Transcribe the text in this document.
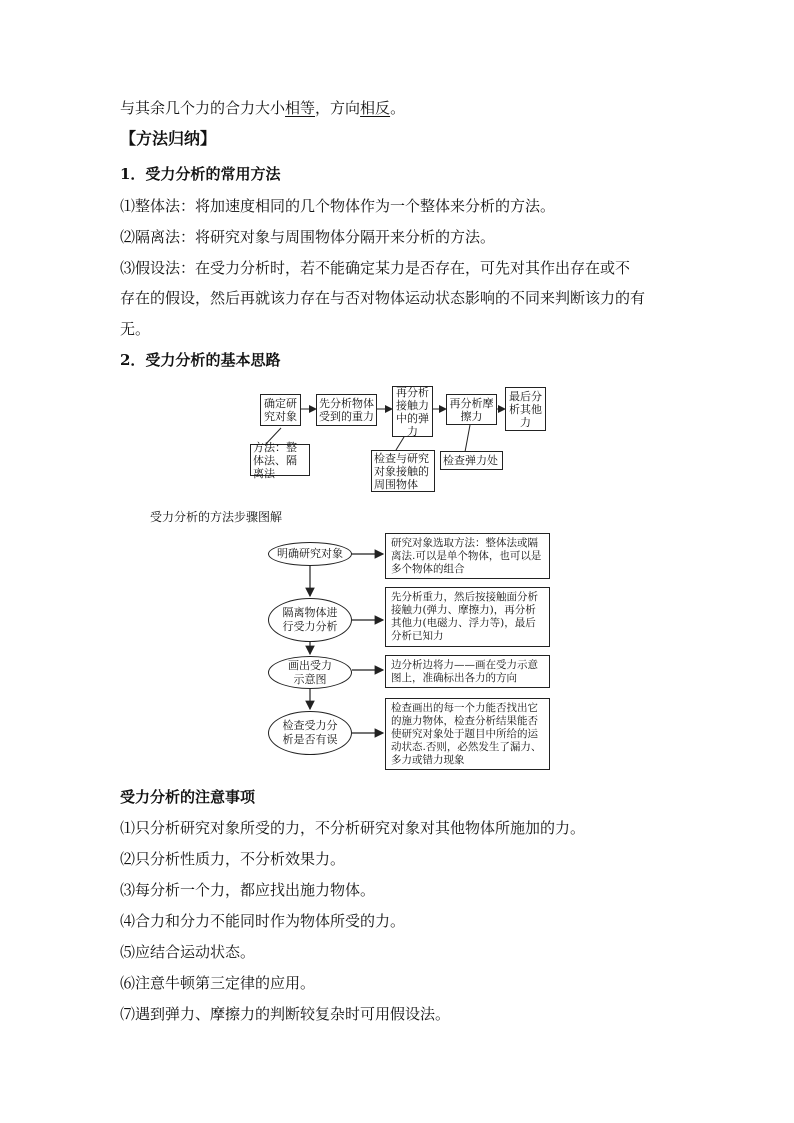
与其余几个力的合力大小相等，方向相反。
【方法归纳】
1．受力分析的常用方法
⑴整体法：将加速度相同的几个物体作为一个整体来分析的方法。
⑵隔离法：将研究对象与周围物体分隔开来分析的方法。
⑶假设法：在受力分析时，若不能确定某力是否存在，可先对其作出存在或不
存在的假设，然后再就该力存在与否对物体运动状态影响的不同来判断该力的有
无。
2．受力分析的基本思路
确定研究对象
先分析物体受到的重力
再分析接触力中的弹力
再分析摩擦力
最后分析其他力
方法：整体法、隔离法
检查与研究对象接触的周围物体
检查弹力处
受力分析的方法步骤图解
明确研究对象
隔离物体进行受力分析
画出受力示意图
检查受力分析是否有误
研究对象选取方法：整体法或隔离法.可以是单个物体，也可以是多个物体的组合
先分析重力，然后按接触面分析接触力(弹力、摩擦力)，再分析其他力(电磁力、浮力等)，最后分析已知力
边分析边将力——画在受力示意图上，准确标出各力的方向
检查画出的每一个力能否找出它的施力物体，检查分析结果能否使研究对象处于题目中所给的运动状态.否则，必然发生了漏力、多力或错力现象
受力分析的注意事项
⑴只分析研究对象所受的力，不分析研究对象对其他物体所施加的力。
⑵只分析性质力，不分析效果力。
⑶每分析一个力，都应找出施力物体。
⑷合力和分力不能同时作为物体所受的力。
⑸应结合运动状态。
⑹注意牛顿第三定律的应用。
⑺遇到弹力、摩擦力的判断较复杂时可用假设法。
